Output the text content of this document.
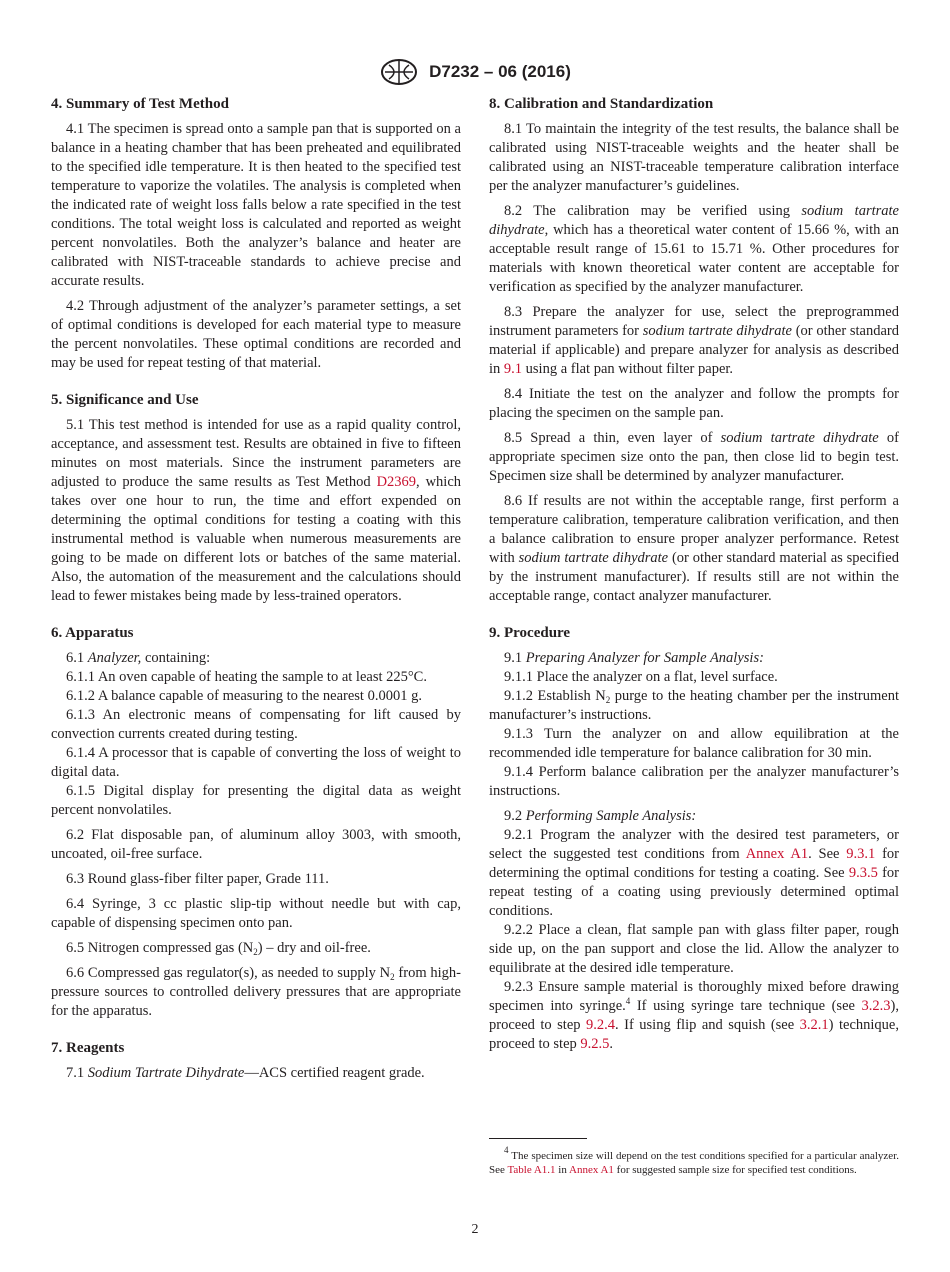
D7232 – 06 (2016)
4. Summary of Test Method
4.1 The specimen is spread onto a sample pan that is supported on a balance in a heating chamber that has been preheated and equilibrated to the specified idle temperature. It is then heated to the specified test temperature to vaporize the volatiles. The analysis is completed when the indicated rate of weight loss falls below a rate specified in the test conditions. The total weight loss is calculated and reported as weight percent nonvolatiles. Both the analyzer’s balance and heater are calibrated with NIST-traceable standards to achieve precise and accurate results.
4.2 Through adjustment of the analyzer’s parameter settings, a set of optimal conditions is developed for each material type to measure the percent nonvolatiles. These optimal conditions are recorded and may be used for repeat testing of that material.
5. Significance and Use
5.1 This test method is intended for use as a rapid quality control, acceptance, and assessment test. Results are obtained in five to fifteen minutes on most materials. Since the instrument parameters are adjusted to produce the same results as Test Method D2369, which takes over one hour to run, the time and effort expended on determining the optimal conditions for testing a coating with this instrumental method is valuable when numerous measurements are going to be made on different lots or batches of the same material. Also, the automation of the measurement and the calculations should lead to fewer mistakes being made by less-trained operators.
6. Apparatus
6.1 Analyzer, containing:
6.1.1 An oven capable of heating the sample to at least 225°C.
6.1.2 A balance capable of measuring to the nearest 0.0001 g.
6.1.3 An electronic means of compensating for lift caused by convection currents created during testing.
6.1.4 A processor that is capable of converting the loss of weight to digital data.
6.1.5 Digital display for presenting the digital data as weight percent nonvolatiles.
6.2 Flat disposable pan, of aluminum alloy 3003, with smooth, uncoated, oil-free surface.
6.3 Round glass-fiber filter paper, Grade 111.
6.4 Syringe, 3 cc plastic slip-tip without needle but with cap, capable of dispensing specimen onto pan.
6.5 Nitrogen compressed gas $(N_2)$ – dry and oil-free.
6.6 Compressed gas regulator(s), as needed to supply $N_2$ from high-pressure sources to controlled delivery pressures that are appropriate for the apparatus.
7. Reagents
7.1 Sodium Tartrate Dihydrate—ACS certified reagent grade.
8. Calibration and Standardization
8.1 To maintain the integrity of the test results, the balance shall be calibrated using NIST-traceable weights and the heater shall be calibrated using an NIST-traceable temperature calibration interface per the analyzer manufacturer’s guidelines.
8.2 The calibration may be verified using sodium tartrate dihydrate, which has a theoretical water content of 15.66 %, with an acceptable result range of 15.61 to 15.71 %. Other procedures for materials with known theoretical water content are acceptable for verification as specified by the analyzer manufacturer.
8.3 Prepare the analyzer for use, select the preprogrammed instrument parameters for sodium tartrate dihydrate (or other standard material if applicable) and prepare analyzer for analysis as described in 9.1 using a flat pan without filter paper.
8.4 Initiate the test on the analyzer and follow the prompts for placing the specimen on the sample pan.
8.5 Spread a thin, even layer of sodium tartrate dihydrate of appropriate specimen size onto the pan, then close lid to begin test. Specimen size shall be determined by analyzer manufacturer.
8.6 If results are not within the acceptable range, first perform a temperature calibration, temperature calibration verification, and then a balance calibration to ensure proper analyzer performance. Retest with sodium tartrate dihydrate (or other standard material as specified by the instrument manufacturer). If results still are not within the acceptable range, contact analyzer manufacturer.
9. Procedure
9.1 Preparing Analyzer for Sample Analysis:
9.1.1 Place the analyzer on a flat, level surface.
9.1.2 Establish $N_2$ purge to the heating chamber per the instrument manufacturer’s instructions.
9.1.3 Turn the analyzer on and allow equilibration at the recommended idle temperature for balance calibration for 30 min.
9.1.4 Perform balance calibration per the analyzer manufacturer’s instructions.
9.2 Performing Sample Analysis:
9.2.1 Program the analyzer with the desired test parameters, or select the suggested test conditions from Annex A1. See 9.3.1 for determining the optimal conditions for testing a coating. See 9.3.5 for repeat testing of a coating using previously determined optimal conditions.
9.2.2 Place a clean, flat sample pan with glass filter paper, rough side up, on the pan support and close the lid. Allow the analyzer to equilibrate at the desired idle temperature.
9.2.3 Ensure sample material is thoroughly mixed before drawing specimen into syringe.$^4$ If using syringe tare technique (see 3.2.3), proceed to step 9.2.4. If using flip and squish (see 3.2.1) technique, proceed to step 9.2.5.
$^4$ The specimen size will depend on the test conditions specified for a particular analyzer. See Table A1.1 in Annex A1 for suggested sample size for specified test conditions.
2
